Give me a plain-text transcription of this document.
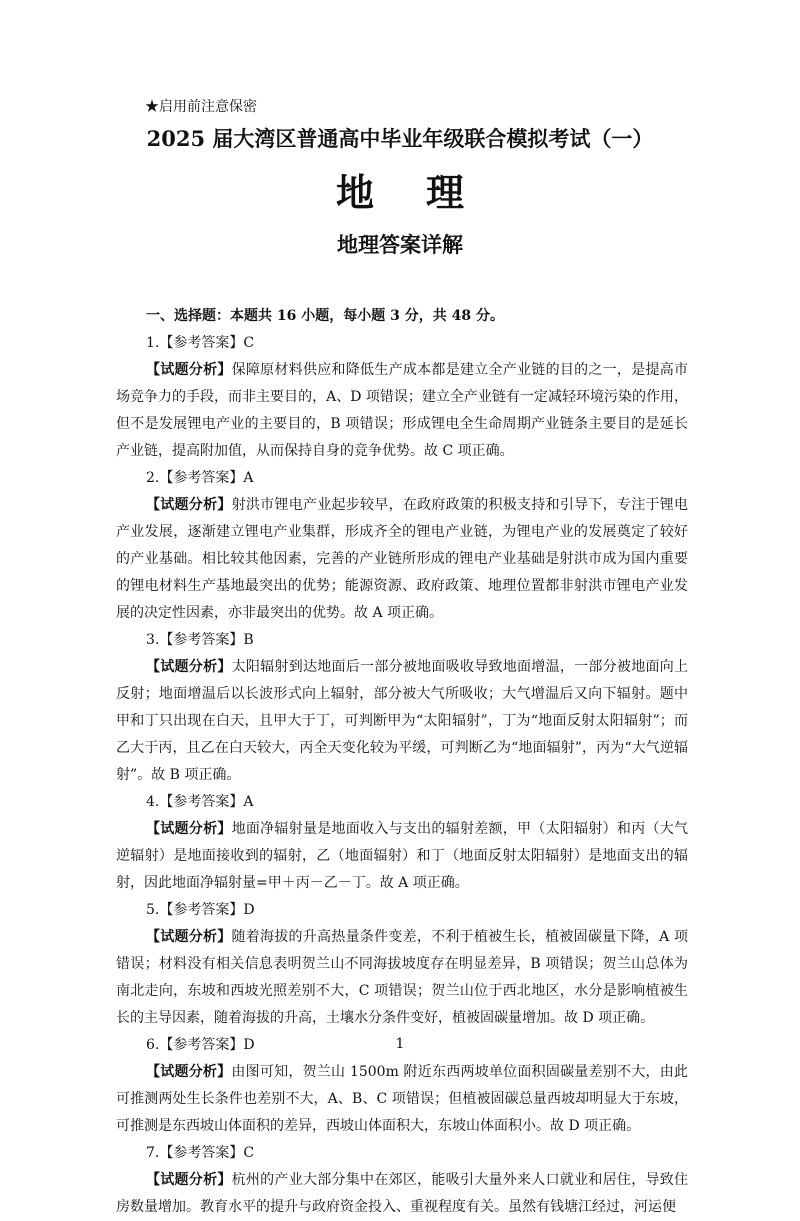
★启用前注意保密
2025 届大湾区普通高中毕业年级联合模拟考试（一）
地理
地理答案详解

一、选择题：本题共 16 小题，每小题 3 分，共 48 分。

1.【参考答案】C

【试题分析】保障原材料供应和降低生产成本都是建立全产业链的目的之一，是提高市场竞争力的手段，而非主要目的，A、D 项错误；建立全产业链有一定减轻环境污染的作用，但不是发展锂电产业的主要目的，B 项错误；形成锂电全生命周期产业链条主要目的是延长产业链，提高附加值，从而保持自身的竞争优势。故 C 项正确。

2.【参考答案】A

【试题分析】射洪市锂电产业起步较早，在政府政策的积极支持和引导下，专注于锂电产业发展，逐渐建立锂电产业集群，形成齐全的锂电产业链，为锂电产业的发展奠定了较好的产业基础。相比较其他因素，完善的产业链所形成的锂电产业基础是射洪市成为国内重要的锂电材料生产基地最突出的优势；能源资源、政府政策、地理位置都非射洪市锂电产业发展的决定性因素，亦非最突出的优势。故 A 项正确。

3.【参考答案】B

【试题分析】太阳辐射到达地面后一部分被地面吸收导致地面增温，一部分被地面向上反射；地面增温后以长波形式向上辐射，部分被大气所吸收；大气增温后又向下辐射。题中甲和丁只出现在白天，且甲大于丁，可判断甲为“太阳辐射”，丁为“地面反射太阳辐射”；而乙大于丙，且乙在白天较大，丙全天变化较为平缓，可判断乙为“地面辐射”，丙为“大气逆辐射”。故 B 项正确。

4.【参考答案】A

【试题分析】地面净辐射量是地面收入与支出的辐射差额，甲（太阳辐射）和丙（大气逆辐射）是地面接收到的辐射，乙（地面辐射）和丁（地面反射太阳辐射）是地面支出的辐射，因此地面净辐射量=甲＋丙－乙－丁。故 A 项正确。

5.【参考答案】D

【试题分析】随着海拔的升高热量条件变差，不利于植被生长，植被固碳量下降，A 项错误；材料没有相关信息表明贺兰山不同海拔坡度存在明显差异，B 项错误；贺兰山总体为南北走向，东坡和西坡光照差别不大，C 项错误；贺兰山位于西北地区，水分是影响植被生长的主导因素，随着海拔的升高，土壤水分条件变好，植被固碳量增加。故 D 项正确。

6.【参考答案】D

【试题分析】由图可知，贺兰山 1500m 附近东西两坡单位面积固碳量差别不大，由此可推测两处生长条件也差别不大，A、B、C 项错误；但植被固碳总量西坡却明显大于东坡，可推测是东西坡山体面积的差异，西坡山体面积大，东坡山体面积小。故 D 项正确。

7.【参考答案】C

【试题分析】杭州的产业大部分集中在郊区，能吸引大量外来人口就业和居住，导致住房数量增加。教育水平的提升与政府资金投入、重视程度有关。虽然有钱塘江经过，河运便

1
